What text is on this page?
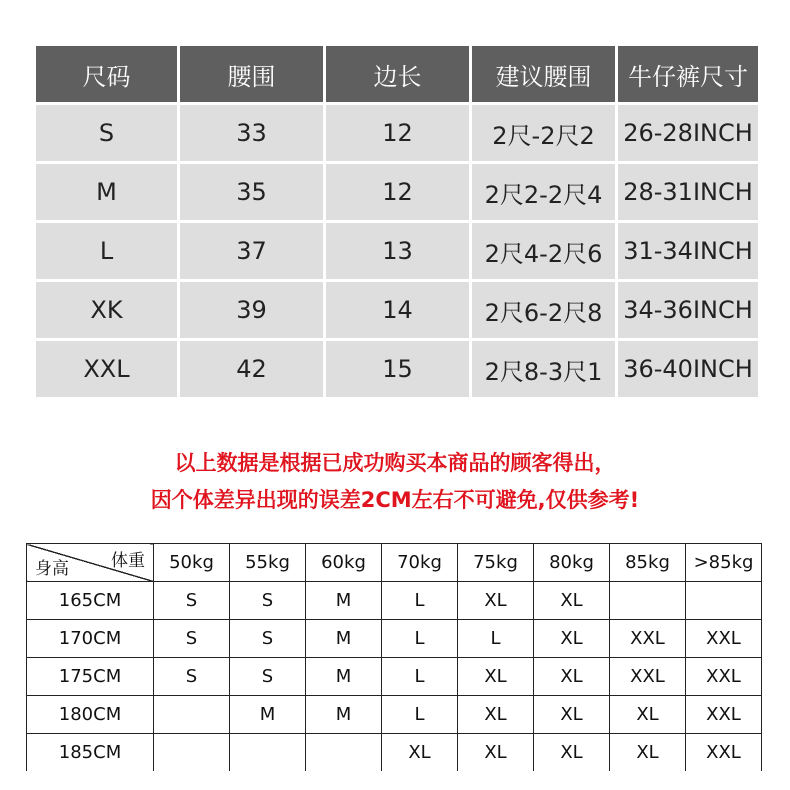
尺码	腰围	边长	建议腰围	牛仔裤尺寸
S	33	12	2尺-2尺2	26-28INCH
M	35	12	2尺2-2尺4	28-31INCH
L	37	13	2尺4-2尺6	31-34INCH
XK	39	14	2尺6-2尺8	34-36INCH
XXL	42	15	2尺8-3尺1	36-40INCH
以上数据是根据已成功购买本商品的顾客得出，
因个体差异出现的误差2CM左右不可避免,仅供参考!
体重
身高	50kg	55kg	60kg	70kg	75kg	80kg	85kg	>85kg
165CM	S	S	M	L	XL	XL		
170CM	S	S	M	L	L	XL	XXL	XXL
175CM	S	S	M	L	XL	XL	XXL	XXL
180CM		M	M	L	XL	XL	XL	XXL
185CM				XL	XL	XL	XL	XXL
